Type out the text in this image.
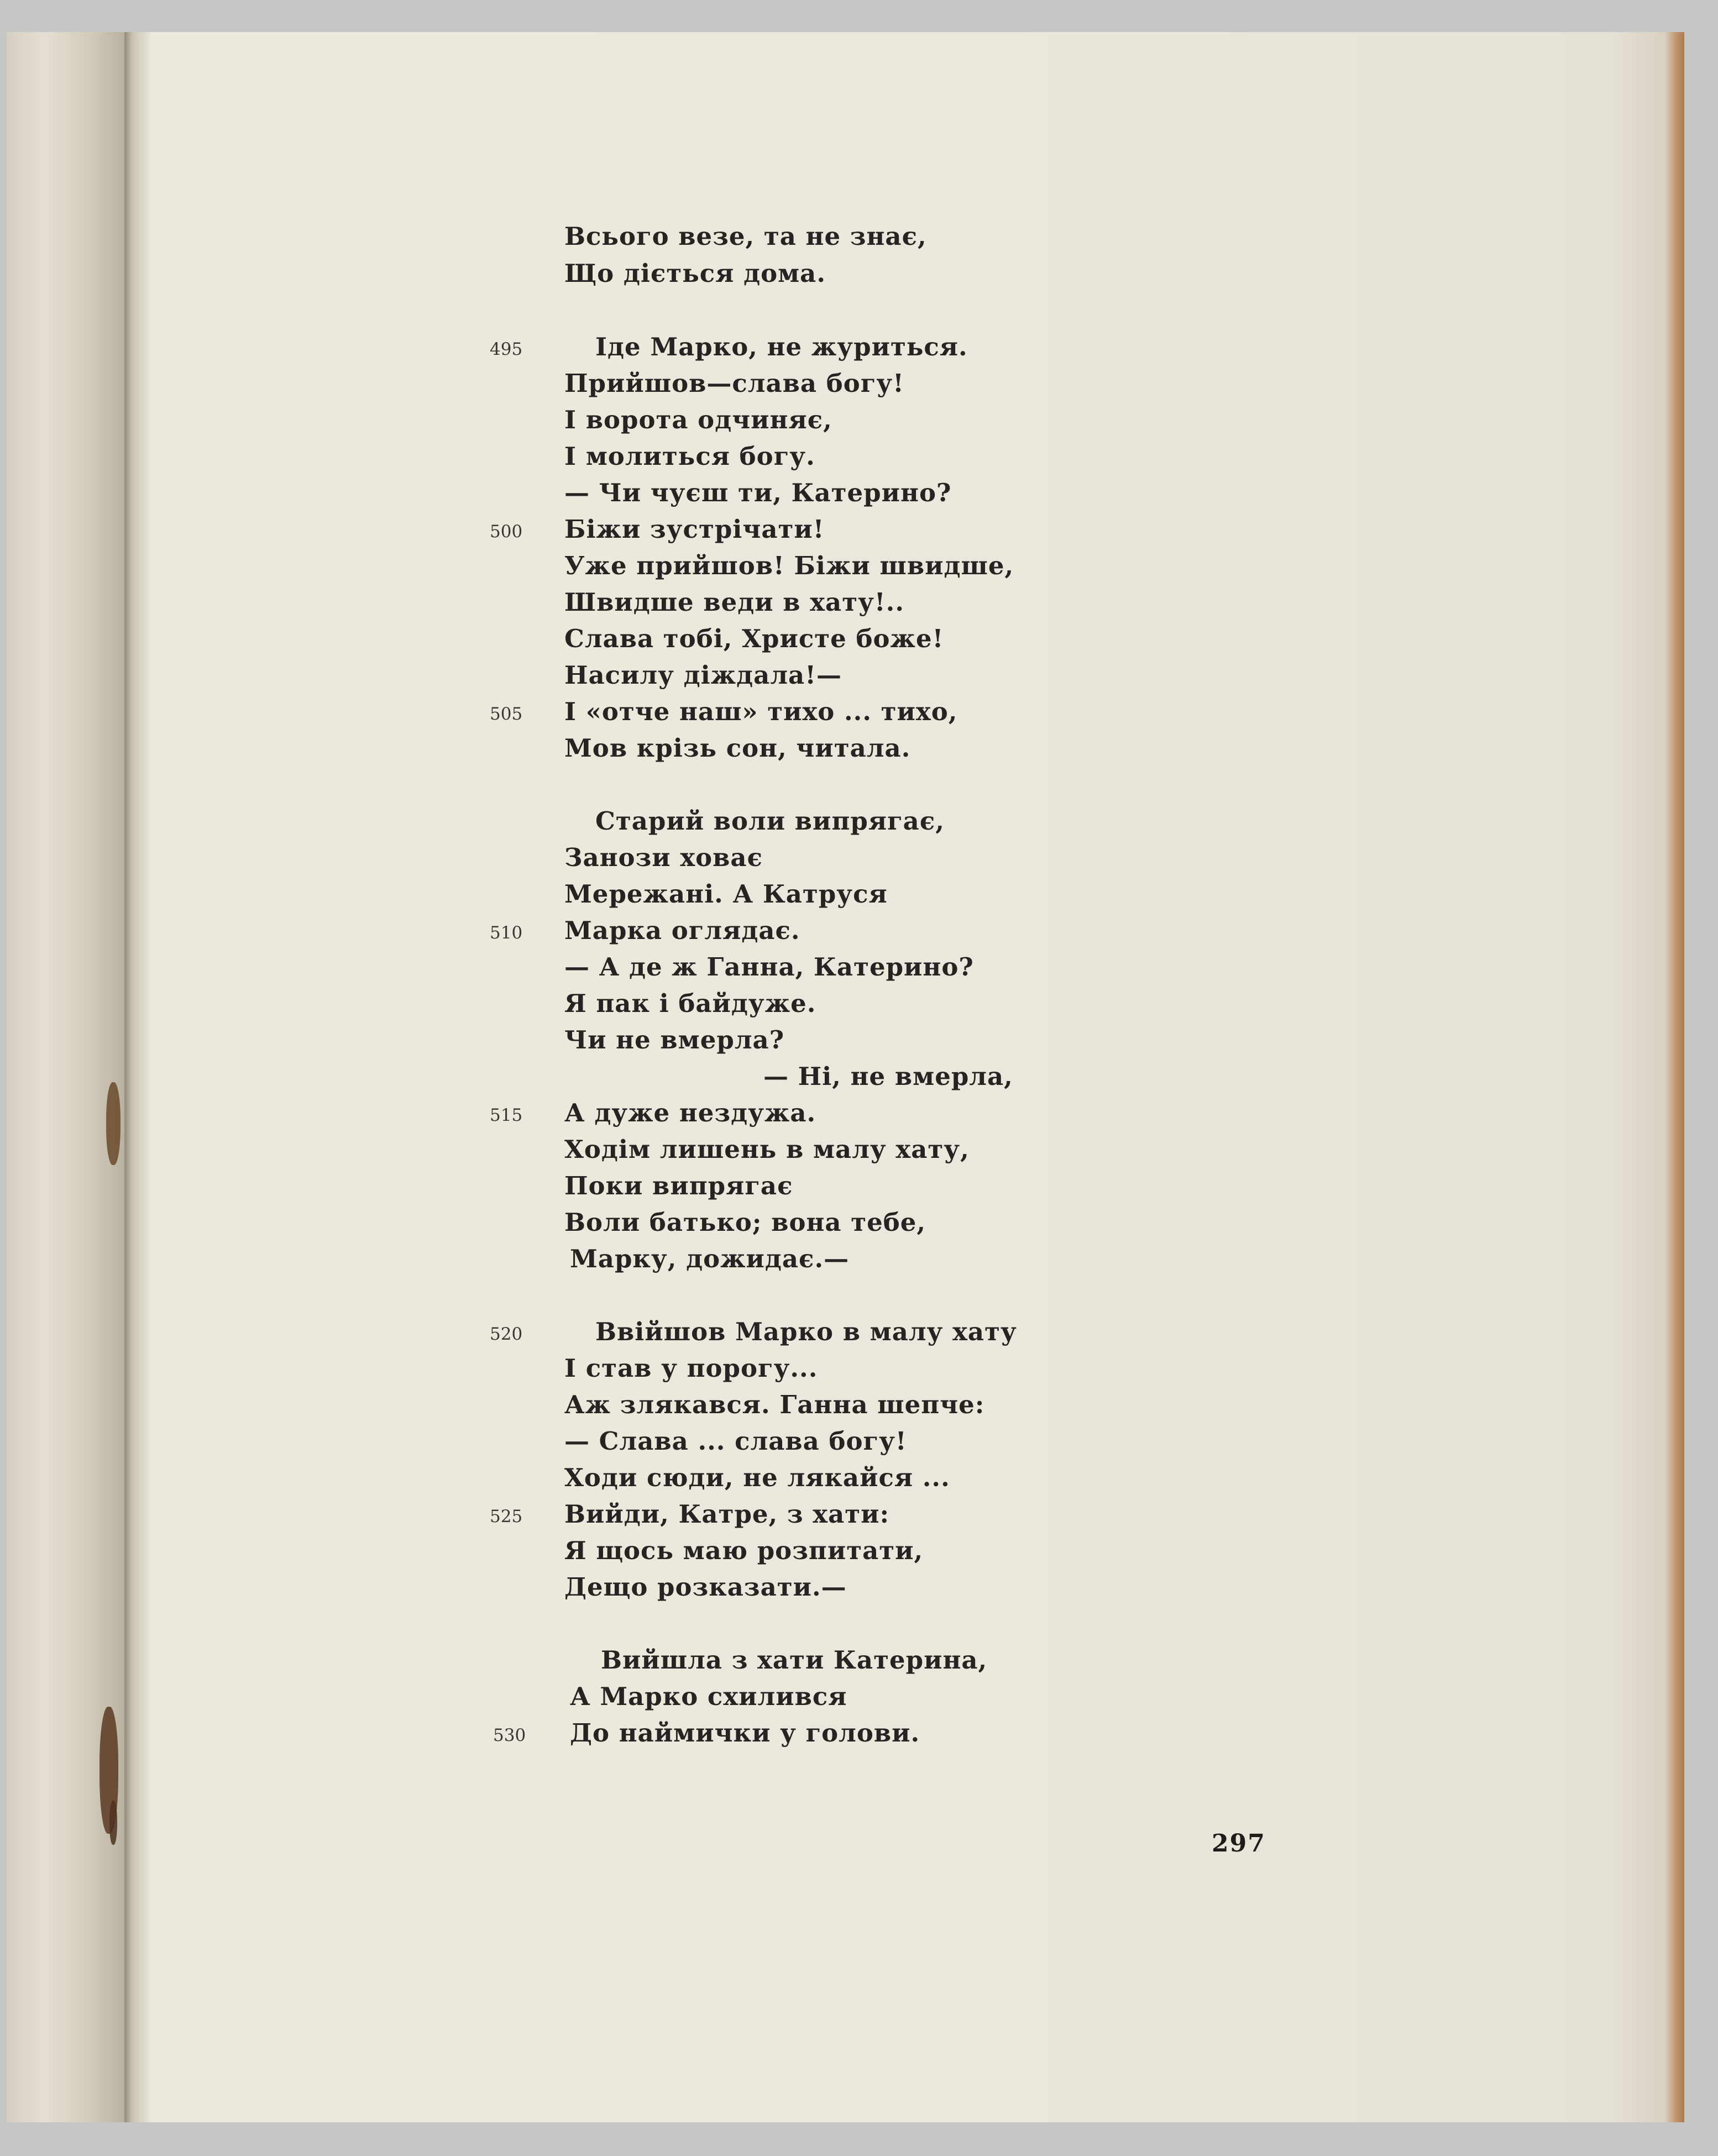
Всього везе, та не знає,
Що діється дома.
Іде Марко, не журиться.
495
Прийшов—слава богу!
І ворота одчиняє,
І молиться богу.
— Чи чуєш ти, Катерино?
Біжи зустрічати!
500
Уже прийшов! Біжи швидше,
Швидше веди в хату!..
Слава тобі, Христе боже!
Насилу діждала!—
І «отче наш» тихо ... тихо,
505
Мов крізь сон, читала.
Старий воли випрягає,
Занози ховає
Мережані. А Катруся
Марка оглядає.
510
— А де ж Ганна, Катерино?
Я пак і байдуже.
Чи не вмерла?
— Ні, не вмерла,
А дуже нездужа.
515
Ходім лишень в малу хату,
Поки випрягає
Воли батько; вона тебе,
Марку, дожидає.—
Ввійшов Марко в малу хату
520
І став у порогу...
Аж злякався. Ганна шепче:
— Слава ... слава богу!
Ходи сюди, не лякайся ...
Вийди, Катре, з хати:
525
Я щось маю розпитати,
Дещо розказати.—
Вийшла з хати Катерина,
А Марко схилився
До наймички у голови.
530
297
